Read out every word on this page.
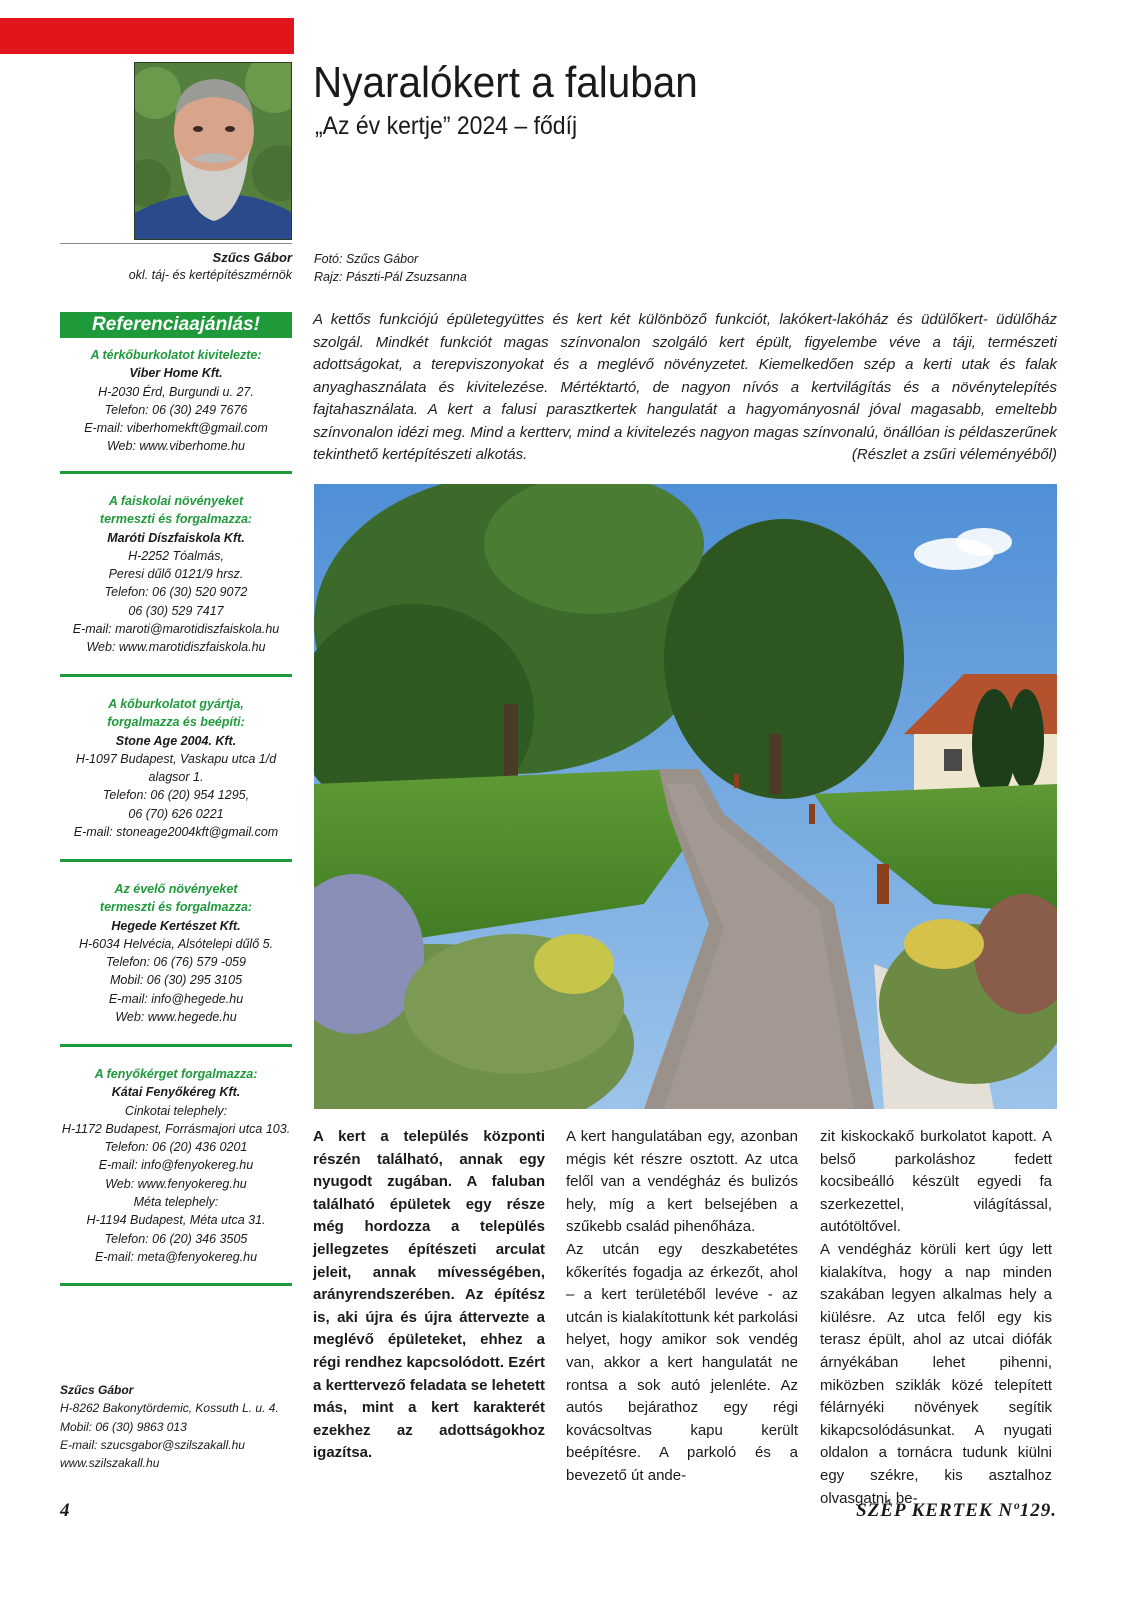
Nyaralókert a faluban
„Az év kertje” 2024 – fődíj
Szűcs Gábor
okl. táj- és kertépítészmérnök
Fotó: Szűcs Gábor
Rajz: Pászti-Pál Zsuzsanna
Referenciaajánlás!
A térkőburkolatot kivitelezte:
Viber Home Kft.
H-2030 Érd, Burgundi u. 27.
Telefon: 06 (30) 249 7676
E-mail: viberhomekft@gmail.com
Web: www.viberhome.hu
A faiskolai növényeket
termeszti és forgalmazza:
Maróti Díszfaiskola Kft.
H-2252 Tóalmás,
Peresi dűlő 0121/9 hrsz.
Telefon: 06 (30) 520 9072
06 (30) 529 7417
E-mail: maroti@marotidiszfaiskola.hu
Web: www.marotidiszfaiskola.hu
A kőburkolatot gyártja,
forgalmazza és beépíti:
Stone Age 2004. Kft.
H-1097 Budapest, Vaskapu utca 1/d
alagsor 1.
Telefon: 06 (20) 954 1295,
06 (70) 626 0221
E-mail: stoneage2004kft@gmail.com
Az évelő növényeket
termeszti és forgalmazza:
Hegede Kertészet Kft.
H-6034 Helvécia, Alsótelepi dűlő 5.
Telefon: 06 (76) 579 -059
Mobil: 06 (30) 295 3105
E-mail: info@hegede.hu
Web: www.hegede.hu
A fenyőkérget forgalmazza:
Kátai Fenyőkéreg Kft.
Cinkotai telephely:
H-1172 Budapest, Forrásmajori utca 103.
Telefon: 06 (20) 436 0201
E-mail: info@fenyokereg.hu
Web: www.fenyokereg.hu
Méta telephely:
H-1194 Budapest, Méta utca 31.
Telefon: 06 (20) 346 3505
E-mail: meta@fenyokereg.hu
Szűcs Gábor
H-8262 Bakonytördemic, Kossuth L. u. 4.
Mobil: 06 (30) 9863 013
E-mail: szucsgabor@szilszakall.hu
www.szilszakall.hu
A kettős funkciójú épületegyüttes és kert két különböző funkciót, lakókert-lakóház és üdülőkert- üdülőház szolgál. Mindkét funkciót magas színvonalon szolgáló kert épült, figyelembe véve a táji, természeti adottságokat, a terepviszonyokat és a meglévő növényzetet. Kiemelkedően szép a kerti utak és falak anyaghasználata és kivitelezése. Mértéktartó, de nagyon nívós a kertvilágítás és a növénytelepítés fajtahasználata. A kert a falusi parasztkertek hangulatát a hagyományosnál jóval magasabb, emeltebb színvonalon idézi meg. Mind a kertterv, mind a kivitelezés nagyon magas színvonalú, önállóan is példaszerűnek tekinthető kertépítészeti alkotás.	(Részlet a zsűri véleményéből)

A kert a település központi részén található, annak egy nyugodt zugában. A faluban található épületek egy része még hordozza a település jellegzetes építészeti arculat jeleit, annak mívességében, arányrendszerében. Az építész is, aki újra és újra áttervezte a meglévő épületeket, ehhez a régi rendhez kapcsolódott. Ezért a kerttervező feladata se lehetett más, mint a kert karakterét ezekhez az adottságokhoz igazítsa.

A kert hangulatában egy, azonban mégis két részre osztott. Az utca felől van a vendégház és bulizós hely, míg a kert belsejében a szűkebb család pihenőháza.

Az utcán egy deszkabetétes kőkerítés fogadja az érkezőt, ahol – a kert területéből levéve - az utcán is kialakítottunk két parkolási helyet, hogy amikor sok vendég van, akkor a kert hangulatát ne rontsa a sok autó jelenléte. Az autós bejárathoz egy régi kovácsoltvas kapu került beépítésre. A parkoló és a bevezető út ande-

zit kiskockakő burkolatot kapott. A belső parkoláshoz fedett kocsibeálló készült egyedi fa szerkezettel, világítással, autótöltővel.

A vendégház körüli kert úgy lett kialakítva, hogy a nap minden szakában legyen alkalmas hely a kiülésre. Az utca felől egy kis terasz épült, ahol az utcai diófák árnyékában lehet pihenni, miközben sziklák közé telepített félárnyéki növények segítik kikapcsolódásunkat. A nyugati oldalon a tornácra tudunk kiülni egy székre, kis asztalhoz olvasgatni, be-

4	SZÉP KERTEK Nº129.
